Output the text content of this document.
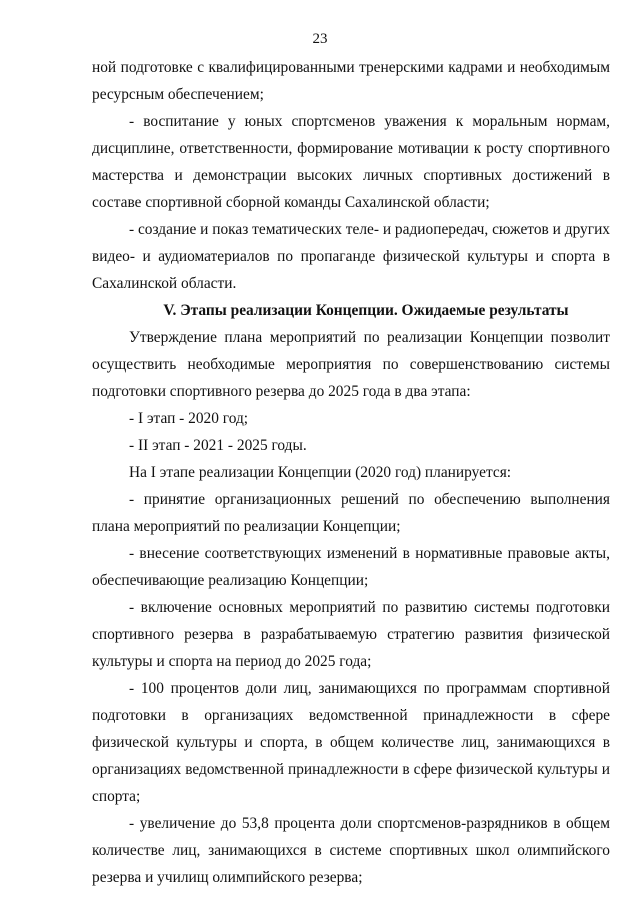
23

ной подготовке с квалифицированными тренерскими кадрами и необходимым ресурсным обеспечением;

- воспитание у юных спортсменов уважения к моральным нормам, дисциплине, ответственности, формирование мотивации к росту спортивного мастерства и демонстрации высоких личных спортивных достижений в составе спортивной сборной команды Сахалинской области;

- создание и показ тематических теле- и радиопередач, сюжетов и других видео- и аудиоматериалов по пропаганде физической культуры и спорта в Сахалинской области.

V. Этапы реализации Концепции. Ожидаемые результаты

Утверждение плана мероприятий по реализации Концепции позволит осуществить необходимые мероприятия по совершенствованию системы подготовки спортивного резерва до 2025 года в два этапа:

- I этап - 2020 год;

- II этап - 2021 - 2025 годы.

На I этапе реализации Концепции (2020 год) планируется:

- принятие организационных решений по обеспечению выполнения плана мероприятий по реализации Концепции;

- внесение соответствующих изменений в нормативные правовые акты, обеспечивающие реализацию Концепции;

- включение основных мероприятий по развитию системы подготовки спортивного резерва в разрабатываемую стратегию развития физической культуры и спорта на период до 2025 года;

- 100 процентов доли лиц, занимающихся по программам спортивной подготовки в организациях ведомственной принадлежности в сфере физической культуры и спорта, в общем количестве лиц, занимающихся в организациях ведомственной принадлежности в сфере физической культуры и спорта;

- увеличение до 53,8 процента доли спортсменов-разрядников в общем количестве лиц, занимающихся в системе спортивных школ олимпийского резерва и училищ олимпийского резерва;
